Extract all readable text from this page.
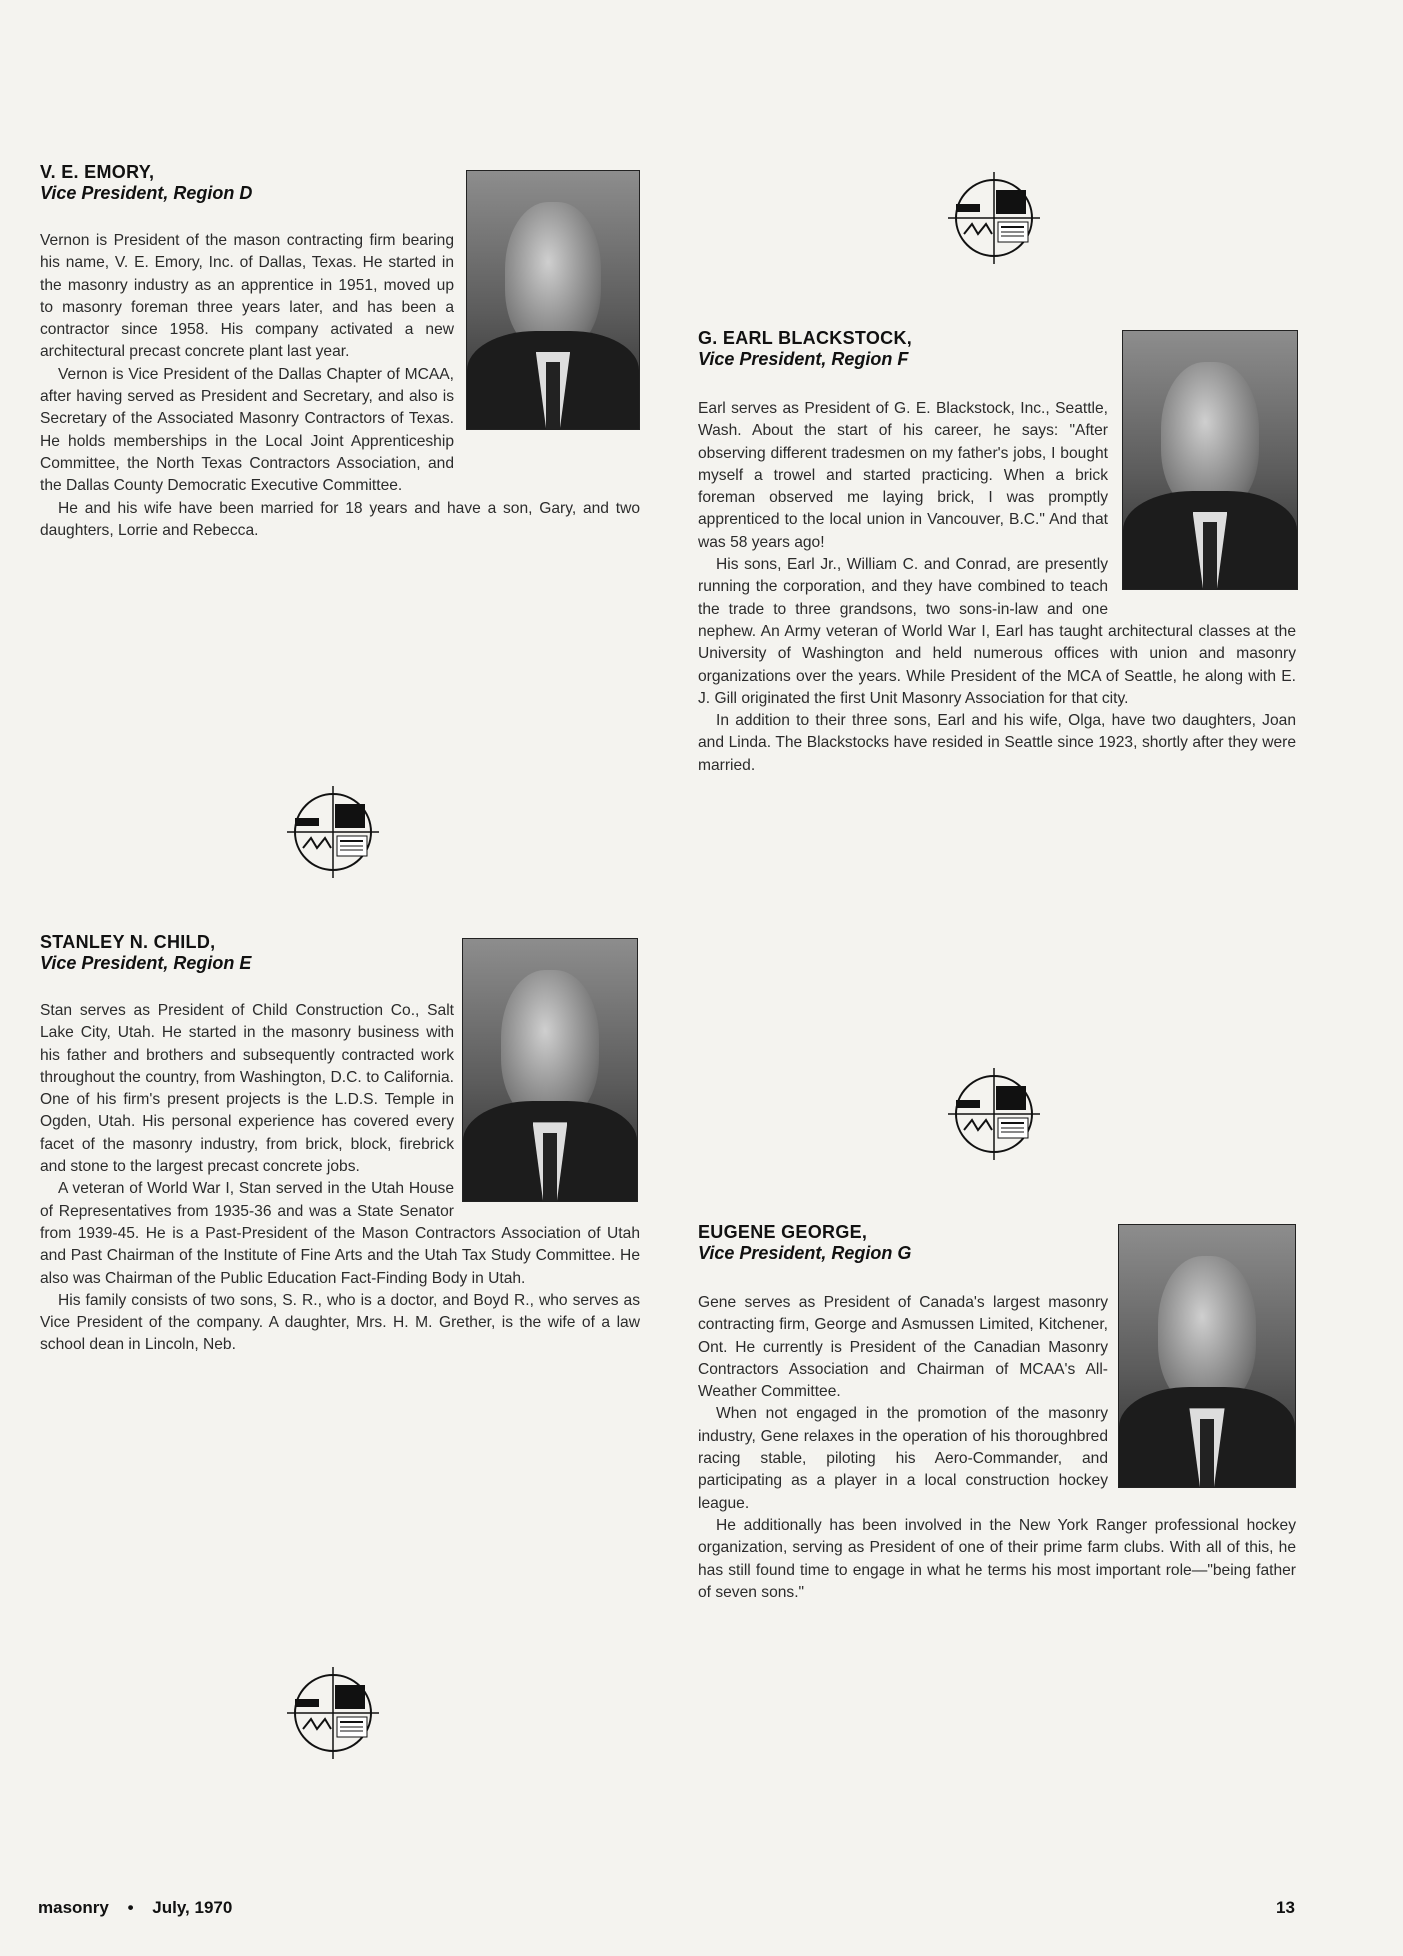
V. E. EMORY,
Vice President, Region D

Vernon is President of the mason contracting firm bearing his name, V. E. Emory, Inc. of Dallas, Texas. He started in the masonry industry as an apprentice in 1951, moved up to masonry foreman three years later, and has been a contractor since 1958. His company activated a new architectural precast concrete plant last year.

Vernon is Vice President of the Dallas Chapter of MCAA, after having served as President and Secretary, and also is Secretary of the Associated Masonry Contractors of Texas. He holds memberships in the Local Joint Apprenticeship Committee, the North Texas Contractors Association, and the Dallas County Democratic Executive Committee.

He and his wife have been married for 18 years and have a son, Gary, and two daughters, Lorrie and Rebecca.

STANLEY N. CHILD,
Vice President, Region E

Stan serves as President of Child Construction Co., Salt Lake City, Utah. He started in the masonry business with his father and brothers and subsequently contracted work throughout the country, from Washington, D.C. to California. One of his firm's present projects is the L.D.S. Temple in Ogden, Utah. His personal experience has covered every facet of the masonry industry, from brick, block, firebrick and stone to the largest precast concrete jobs.

A veteran of World War I, Stan served in the Utah House of Representatives from 1935-36 and was a State Senator from 1939-45. He is a Past-President of the Mason Contractors Association of Utah and Past Chairman of the Institute of Fine Arts and the Utah Tax Study Committee. He also was Chairman of the Public Education Fact-Finding Body in Utah.

His family consists of two sons, S. R., who is a doctor, and Boyd R., who serves as Vice President of the company. A daughter, Mrs. H. M. Grether, is the wife of a law school dean in Lincoln, Neb.

G. EARL BLACKSTOCK,
Vice President, Region F

Earl serves as President of G. E. Blackstock, Inc., Seattle, Wash. About the start of his career, he says: "After observing different tradesmen on my father's jobs, I bought myself a trowel and started practicing. When a brick foreman observed me laying brick, I was promptly apprenticed to the local union in Vancouver, B.C." And that was 58 years ago!

His sons, Earl Jr., William C. and Conrad, are presently running the corporation, and they have combined to teach the trade to three grandsons, two sons-in-law and one nephew. An Army veteran of World War I, Earl has taught architectural classes at the University of Washington and held numerous offices with union and masonry organizations over the years. While President of the MCA of Seattle, he along with E. J. Gill originated the first Unit Masonry Association for that city.

In addition to their three sons, Earl and his wife, Olga, have two daughters, Joan and Linda. The Blackstocks have resided in Seattle since 1923, shortly after they were married.

EUGENE GEORGE,
Vice President, Region G

Gene serves as President of Canada's largest masonry contracting firm, George and Asmussen Limited, Kitchener, Ont. He currently is President of the Canadian Masonry Contractors Association and Chairman of MCAA's All-Weather Committee.

When not engaged in the promotion of the masonry industry, Gene relaxes in the operation of his thoroughbred racing stable, piloting his Aero-Commander, and participating as a player in a local construction hockey league.

He additionally has been involved in the New York Ranger professional hockey organization, serving as President of one of their prime farm clubs. With all of this, he has still found time to engage in what he terms his most important role—"being father of seven sons."

masonry • July, 1970	13
